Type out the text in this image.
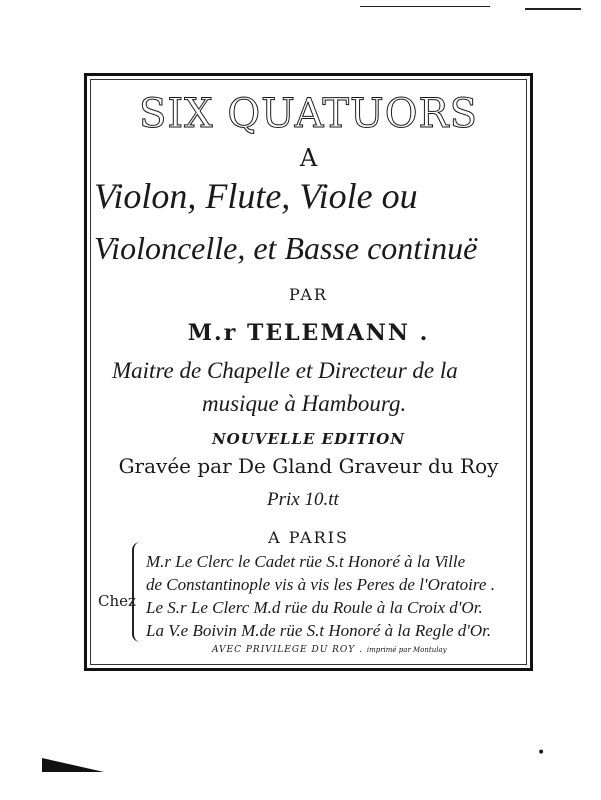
SIX QUATUORS
A
Violon, Flute, Viole ou
Violoncelle, et Basse continuë
PAR
M.r TELEMANN .
Maitre de Chapelle et Directeur de la
musique à Hambourg.
NOUVELLE EDITION
Gravée par De Gland Graveur du Roy
Prix 10.tt
A PARIS
Chez
M.r Le Clerc le Cadet rüe S.t Honoré à la Ville
de Constantinople vis à vis les Peres de l'Oratoire .
Le S.r Le Clerc M.d rüe du Roule à la Croix d'Or.
La V.e Boivin M.de rüe S.t Honoré à la Regle d'Or.
AVEC PRIVILEGE DU ROY . imprimé par Montulay
•
